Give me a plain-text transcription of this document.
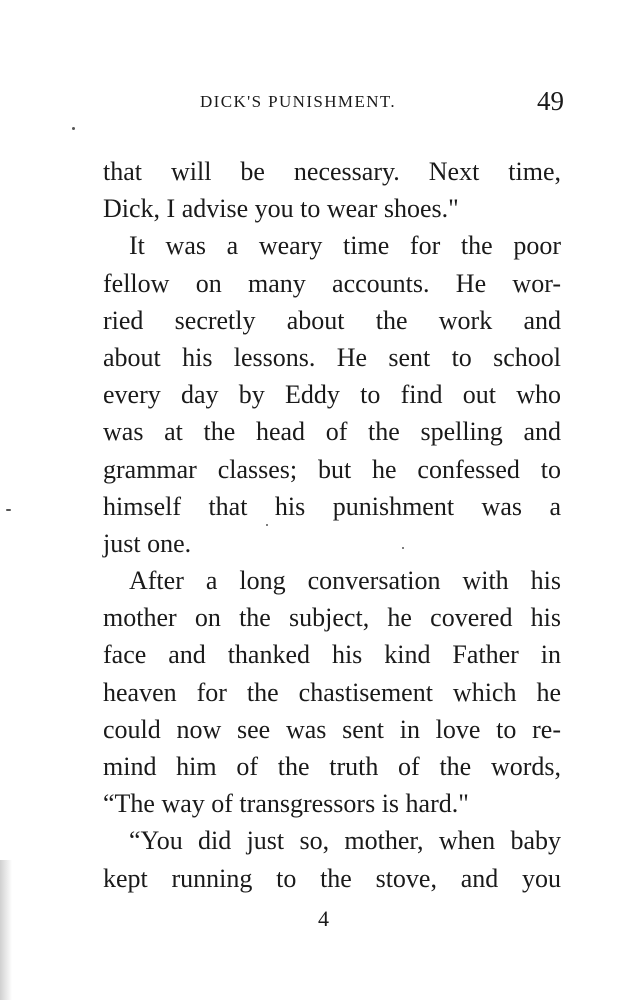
DICK'S PUNISHMENT.	49
that will be necessary. Next time,
Dick, I advise you to wear shoes."
It was a weary time for the poor
fellow on many accounts. He wor-
ried secretly about the work and
about his lessons. He sent to school
every day by Eddy to find out who
was at the head of the spelling and
grammar classes; but he confessed to
himself that his punishment was a
just one.
After a long conversation with his
mother on the subject, he covered his
face and thanked his kind Father in
heaven for the chastisement which he
could now see was sent in love to re-
mind him of the truth of the words,
“The way of transgressors is hard."
“You did just so, mother, when baby
kept running to the stove, and you
4
